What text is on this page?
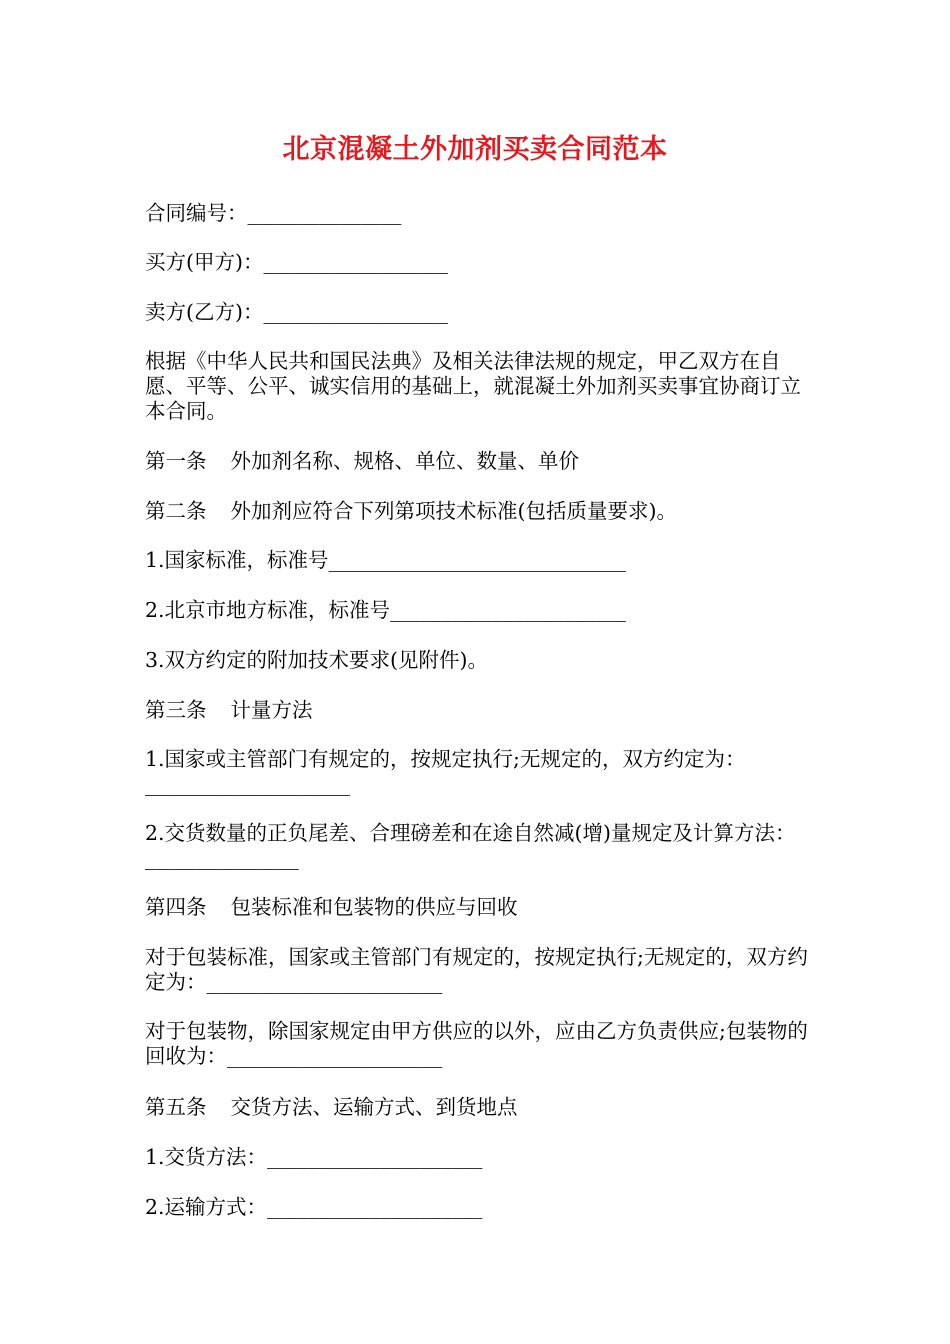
北京混凝土外加剂买卖合同范本
合同编号：_______________
买方(甲方)：__________________
卖方(乙方)：__________________
根据《中华人民共和国民法典》及相关法律法规的规定，甲乙双方在自愿、平等、公平、诚实信用的基础上，就混凝土外加剂买卖事宜协商订立本合同。
第一条 外加剂名称、规格、单位、数量、单价
第二条 外加剂应符合下列第项技术标准(包括质量要求)。
1.国家标准，标准号_____________________________
2.北京市地方标准，标准号_______________________
3.双方约定的附加技术要求(见附件)。
第三条 计量方法
1.国家或主管部门有规定的，按规定执行;无规定的，双方约定为：
____________________
2.交货数量的正负尾差、合理磅差和在途自然减(增)量规定及计算方法：_______________
第四条 包装标准和包装物的供应与回收
对于包装标准，国家或主管部门有规定的，按规定执行;无规定的，双方约定为：_______________________
对于包装物，除国家规定由甲方供应的以外，应由乙方负责供应;包装物的回收为：_____________________
第五条 交货方法、运输方式、到货地点
1.交货方法：_____________________
2.运输方式：_____________________
